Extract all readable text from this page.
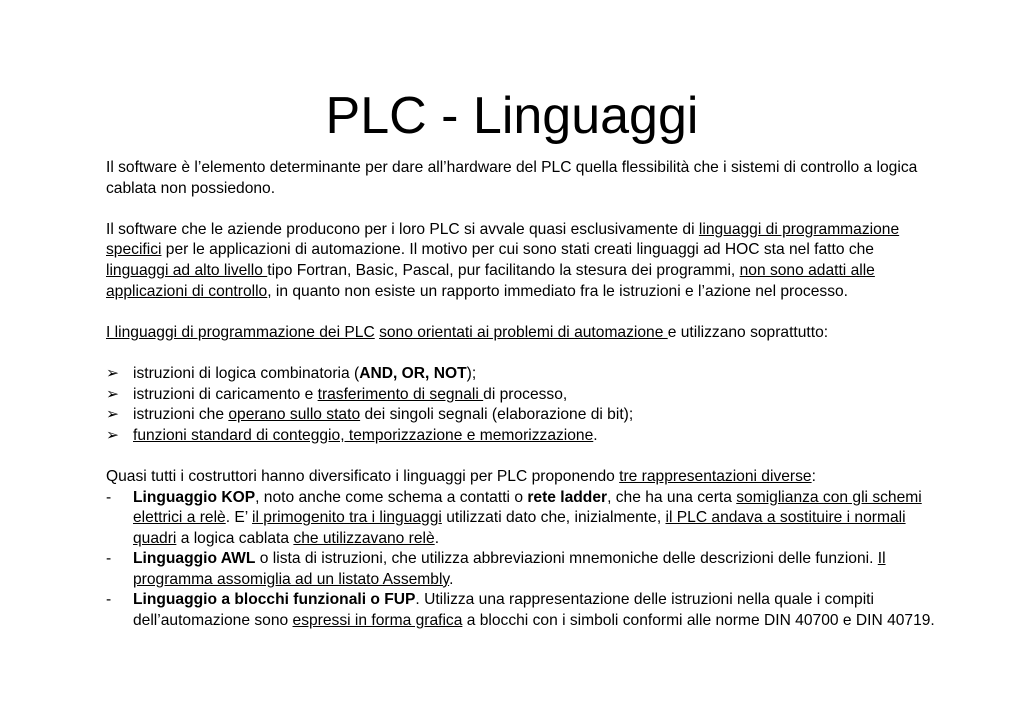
PLC - Linguaggi

Il software è l’elemento determinante per dare all’hardware del PLC quella flessibilità che i sistemi di controllo a logica cablata non possiedono.

Il software che le aziende producono per i loro PLC si avvale quasi esclusivamente di linguaggi di programmazione specifici per le applicazioni di automazione. Il motivo per cui sono stati creati linguaggi ad HOC sta nel fatto che linguaggi ad alto livello tipo Fortran, Basic, Pascal, pur facilitando la stesura dei programmi, non sono adatti alle applicazioni di controllo, in quanto non esiste un rapporto immediato fra le istruzioni e l’azione nel processo.

I linguaggi di programmazione dei PLC sono orientati ai problemi di automazione e utilizzano soprattutto:

➢ istruzioni di logica combinatoria (AND, OR, NOT);
➢ istruzioni di caricamento e trasferimento di segnali di processo,
➢ istruzioni che operano sullo stato dei singoli segnali (elaborazione di bit);
➢ funzioni standard di conteggio, temporizzazione e memorizzazione.

Quasi tutti i costruttori hanno diversificato i linguaggi per PLC proponendo tre rappresentazioni diverse:

- Linguaggio KOP, noto anche come schema a contatti o rete ladder, che ha una certa somiglianza con gli schemi elettrici a relè. E’ il primogenito tra i linguaggi utilizzati dato che, inizialmente, il PLC andava a sostituire i normali quadri a logica cablata che utilizzavano relè.
- Linguaggio AWL o lista di istruzioni, che utilizza abbreviazioni mnemoniche delle descrizioni delle funzioni. Il programma assomiglia ad un listato Assembly.
- Linguaggio a blocchi funzionali o FUP. Utilizza una rappresentazione delle istruzioni nella quale i compiti dell’automazione sono espressi in forma grafica a blocchi con i simboli conformi alle norme DIN 40700 e DIN 40719.
